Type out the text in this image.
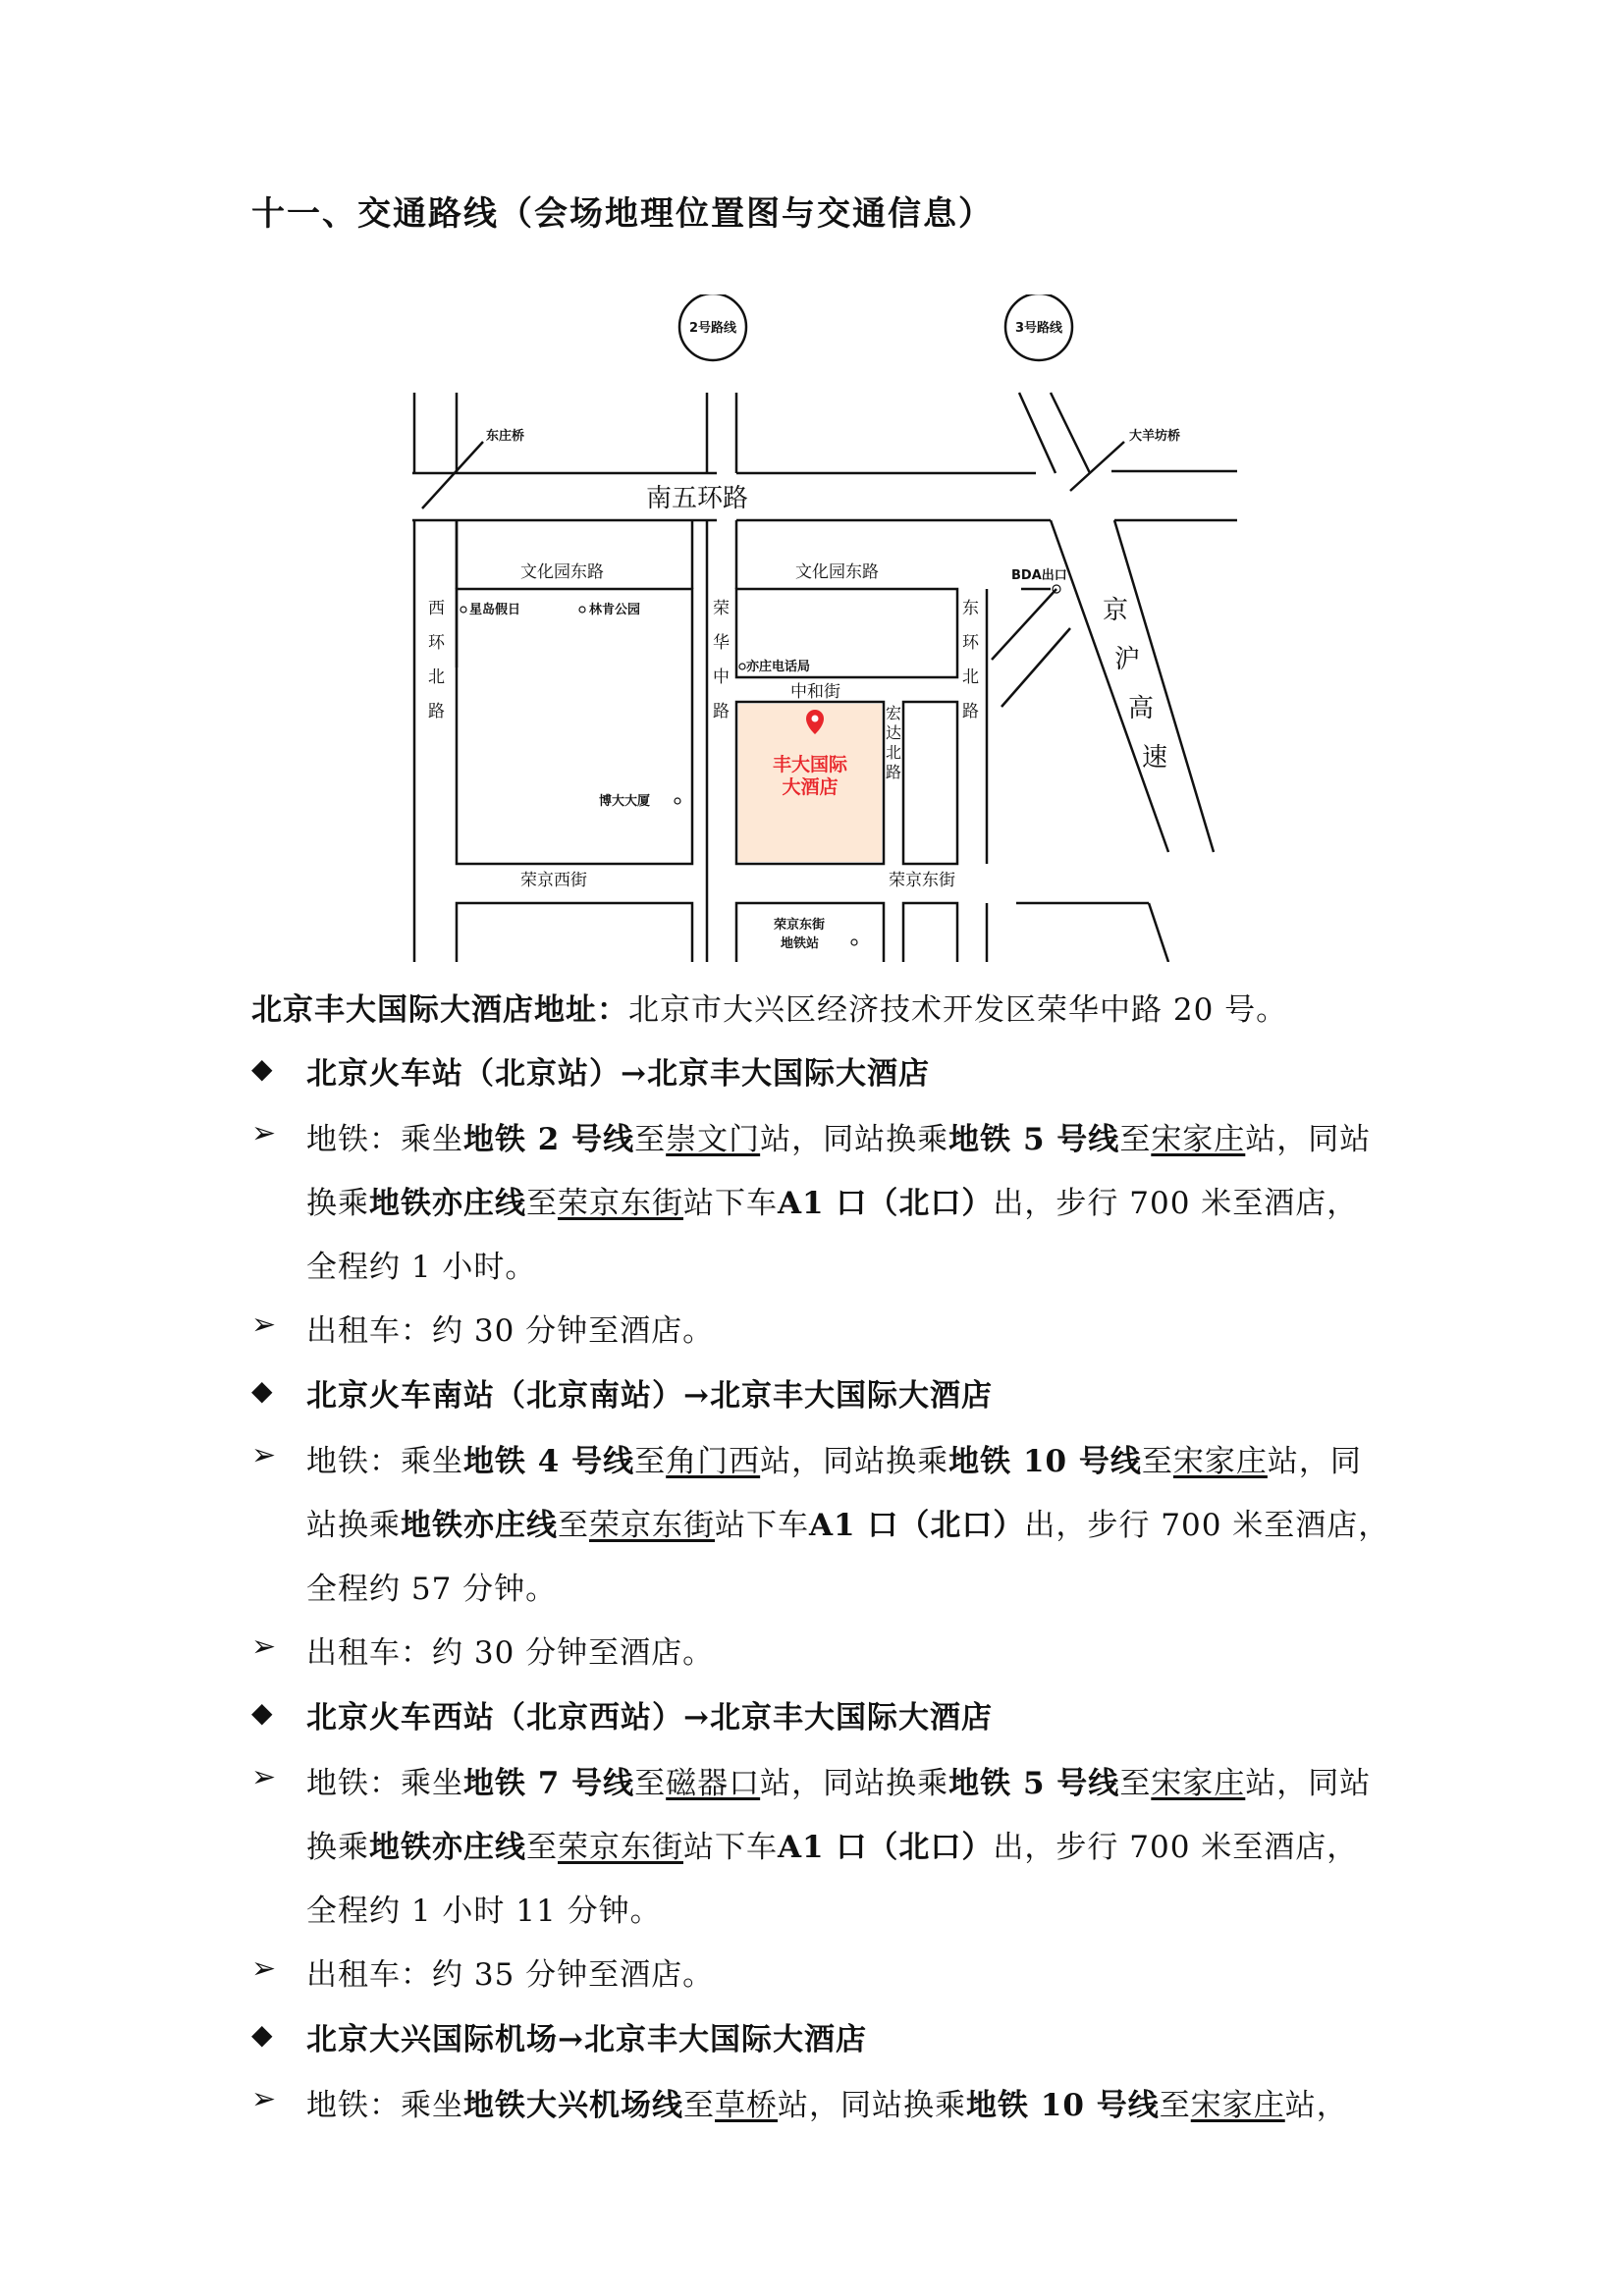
十一、交通路线（会场地理位置图与交通信息）
2号路线	3号路线
东庄桥	大羊坊桥
BDA出口
南五环路
京
沪
高
速
文化园东路	文化园东路
西
环
北
路
荣
华
中
路
东
环
北
路
中和街
荣京西街	荣京东街
宏
达
北
路
星岛假日	林肯公园
博大大厦
亦庄电话局
荣京东街
地铁站
丰大国际
大酒店
北京丰大国际大酒店地址：北京市大兴区经济技术开发区荣华中路 20 号。
◆ 北京火车站（北京站）→北京丰大国际大酒店
➢ 地铁：乘坐地铁 2 号线至崇文门站，同站换乘地铁 5 号线至宋家庄站，同站
换乘地铁亦庄线至荣京东街站下车A1 口（北口）出，步行 700 米至酒店，
全程约 1 小时。
➢ 出租车：约 30 分钟至酒店。
◆ 北京火车南站（北京南站）→北京丰大国际大酒店
➢ 地铁：乘坐地铁 4 号线至角门西站，同站换乘地铁 10 号线至宋家庄站，同
站换乘地铁亦庄线至荣京东街站下车A1 口（北口）出，步行 700 米至酒店，
全程约 57 分钟。
➢ 出租车：约 30 分钟至酒店。
◆ 北京火车西站（北京西站）→北京丰大国际大酒店
➢ 地铁：乘坐地铁 7 号线至磁器口站，同站换乘地铁 5 号线至宋家庄站，同站
换乘地铁亦庄线至荣京东街站下车A1 口（北口）出，步行 700 米至酒店，
全程约 1 小时 11 分钟。
➢ 出租车：约 35 分钟至酒店。
◆ 北京大兴国际机场→北京丰大国际大酒店
➢ 地铁：乘坐地铁大兴机场线至草桥站，同站换乘地铁 10 号线至宋家庄站，
